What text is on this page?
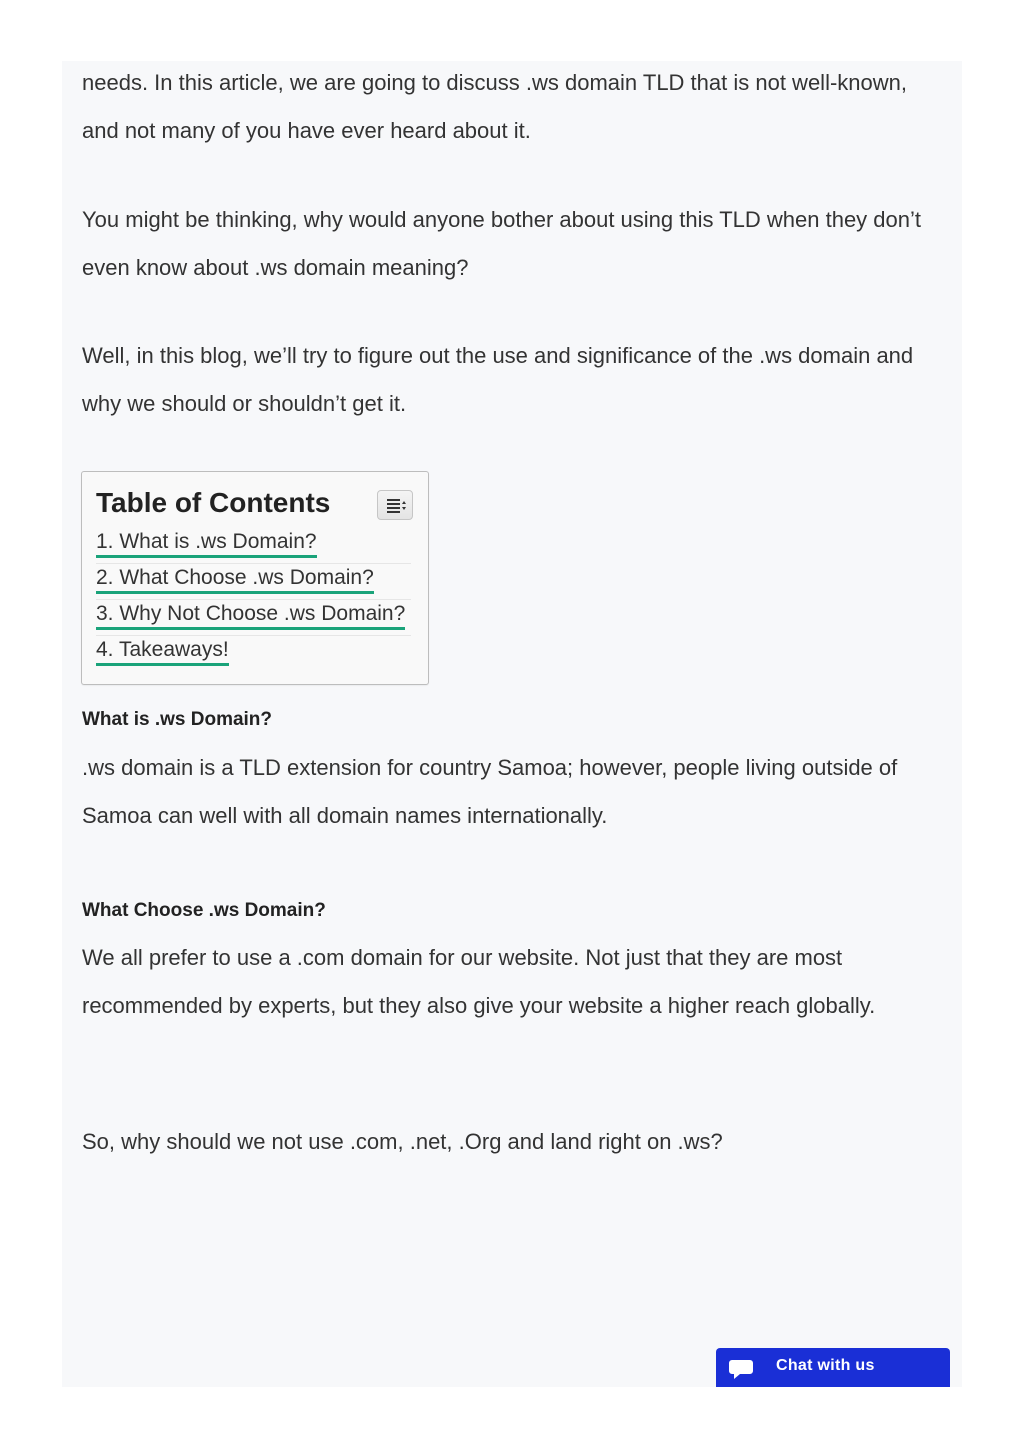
needs. In this article, we are going to discuss .ws domain TLD that is not well-known, and not many of you have ever heard about it.

You might be thinking, why would anyone bother about using this TLD when they don’t even know about .ws domain meaning?

Well, in this blog, we’ll try to figure out the use and significance of the .ws domain and why we should or shouldn’t get it.

Table of Contents
1. What is .ws Domain?
2. What Choose .ws Domain?
3. Why Not Choose .ws Domain?
4. Takeaways!
What is .ws Domain?

.ws domain is a TLD extension for country Samoa; however, people living outside of Samoa can well with all domain names internationally.

What Choose .ws Domain?

We all prefer to use a .com domain for our website. Not just that they are most recommended by experts, but they also give your website a higher reach globally.

So, why should we not use .com, .net, .Org and land right on .ws?

Chat with us
